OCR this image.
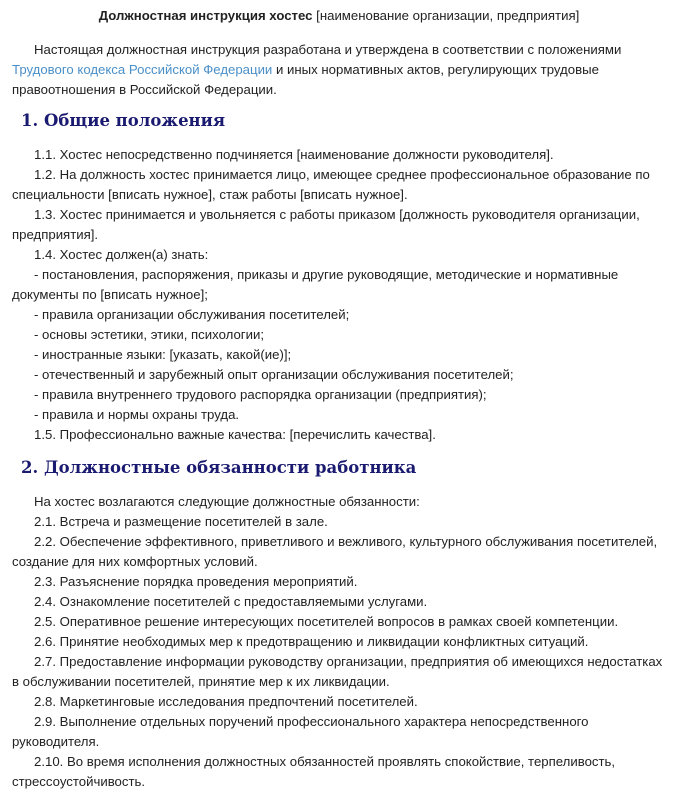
Должностная инструкция хостес [наименование организации, предприятия]

Настоящая должностная инструкция разработана и утверждена в соответствии с положениями Трудового кодекса Российской Федерации и иных нормативных актов, регулирующих трудовые правоотношения в Российской Федерации.

1. Общие положения

1.1. Хостес непосредственно подчиняется [наименование должности руководителя].

1.2. На должность хостес принимается лицо, имеющее среднее профессиональное образование по специальности [вписать нужное], стаж работы [вписать нужное].

1.3. Хостес принимается и увольняется с работы приказом [должность руководителя организации, предприятия].

1.4. Хостес должен(а) знать:

- постановления, распоряжения, приказы и другие руководящие, методические и нормативные документы по [вписать нужное];

- правила организации обслуживания посетителей;

- основы эстетики, этики, психологии;

- иностранные языки: [указать, какой(ие)];

- отечественный и зарубежный опыт организации обслуживания посетителей;

- правила внутреннего трудового распорядка организации (предприятия);

- правила и нормы охраны труда.

1.5. Профессионально важные качества: [перечислить качества].

2. Должностные обязанности работника

На хостес возлагаются следующие должностные обязанности:

2.1. Встреча и размещение посетителей в зале.

2.2. Обеспечение эффективного, приветливого и вежливого, культурного обслуживания посетителей, создание для них комфортных условий.

2.3. Разъяснение порядка проведения мероприятий.

2.4. Ознакомление посетителей с предоставляемыми услугами.

2.5. Оперативное решение интересующих посетителей вопросов в рамках своей компетенции.

2.6. Принятие необходимых мер к предотвращению и ликвидации конфликтных ситуаций.

2.7. Предоставление информации руководству организации, предприятия об имеющихся недостатках в обслуживании посетителей, принятие мер к их ликвидации.

2.8. Маркетинговые исследования предпочтений посетителей.

2.9. Выполнение отдельных поручений профессионального характера непосредственного руководителя.

2.10. Во время исполнения должностных обязанностей проявлять спокойствие, терпеливость, стрессоустойчивость.
